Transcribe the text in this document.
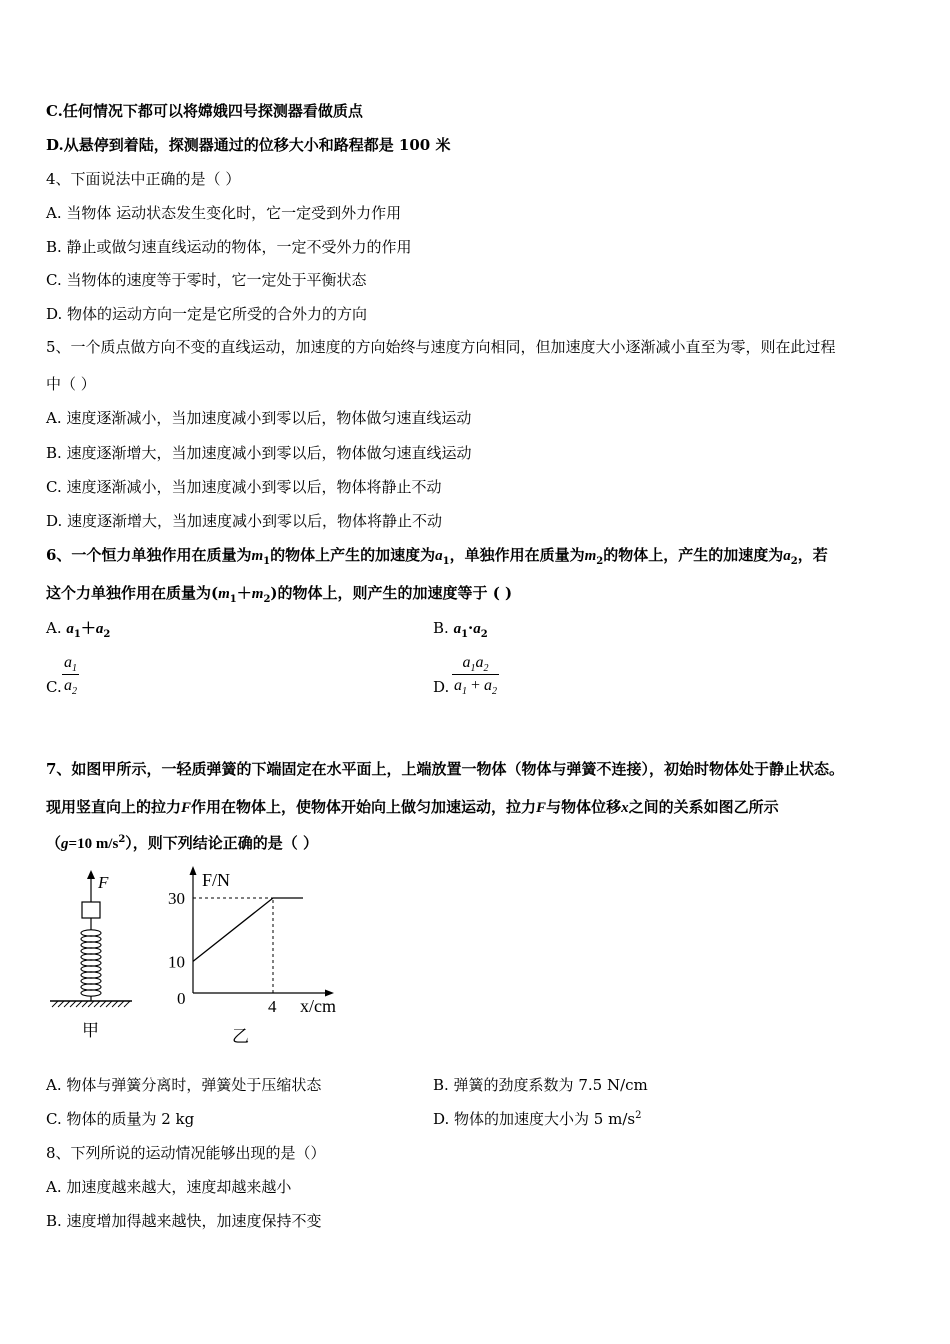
C.任何情况下都可以将嫦娥四号探测器看做质点
D.从悬停到着陆，探测器通过的位移大小和路程都是 100 米
4、下面说法中正确的是（ ）
A. 当物体 运动状态发生变化时，它一定受到外力作用
B. 静止或做匀速直线运动的物体，一定不受外力的作用
C. 当物体的速度等于零时，它一定处于平衡状态
D. 物体的运动方向一定是它所受的合外力的方向
5、一个质点做方向不变的直线运动，加速度的方向始终与速度方向相同，但加速度大小逐渐减小直至为零，则在此过程
中（ ）
A. 速度逐渐减小，当加速度减小到零以后，物体做匀速直线运动
B. 速度逐渐增大，当加速度减小到零以后，物体做匀速直线运动
C. 速度逐渐减小，当加速度减小到零以后，物体将静止不动
D. 速度逐渐增大，当加速度减小到零以后，物体将静止不动
6、一个恒力单独作用在质量为$m_1$的物体上产生的加速度为$a_1$，单独作用在质量为$m_2$的物体上，产生的加速度为$a_2$，若
这个力单独作用在质量为$(m_1+m_2)$的物体上，则产生的加速度等于 ( )
A. $a_1+a_2$	B. $a_1\cdot a_2$
C. $\frac{a_1}{a_2}$	D. $\frac{a_1a_2}{a_1 + a_2}$
7、如图甲所示，一轻质弹簧的下端固定在水平面上，上端放置一物体（物体与弹簧不连接），初始时物体处于静止状态。
现用竖直向上的拉力F作用在物体上，使物体开始向上做匀加速运动，拉力F与物体位移x之间的关系如图乙所示
（g=10 $m/s^2$），则下列结论正确的是（ ）
F
甲
F/N
x/cm
0
30
10
4
乙
A. 物体与弹簧分离时，弹簧处于压缩状态	B. 弹簧的劲度系数为 7.5 N/cm
C. 物体的质量为 2 kg	D. 物体的加速度大小为 5 $m/s^2$
8、下列所说的运动情况能够出现的是（）
A. 加速度越来越大，速度却越来越小
B. 速度增加得越来越快，加速度保持不变
